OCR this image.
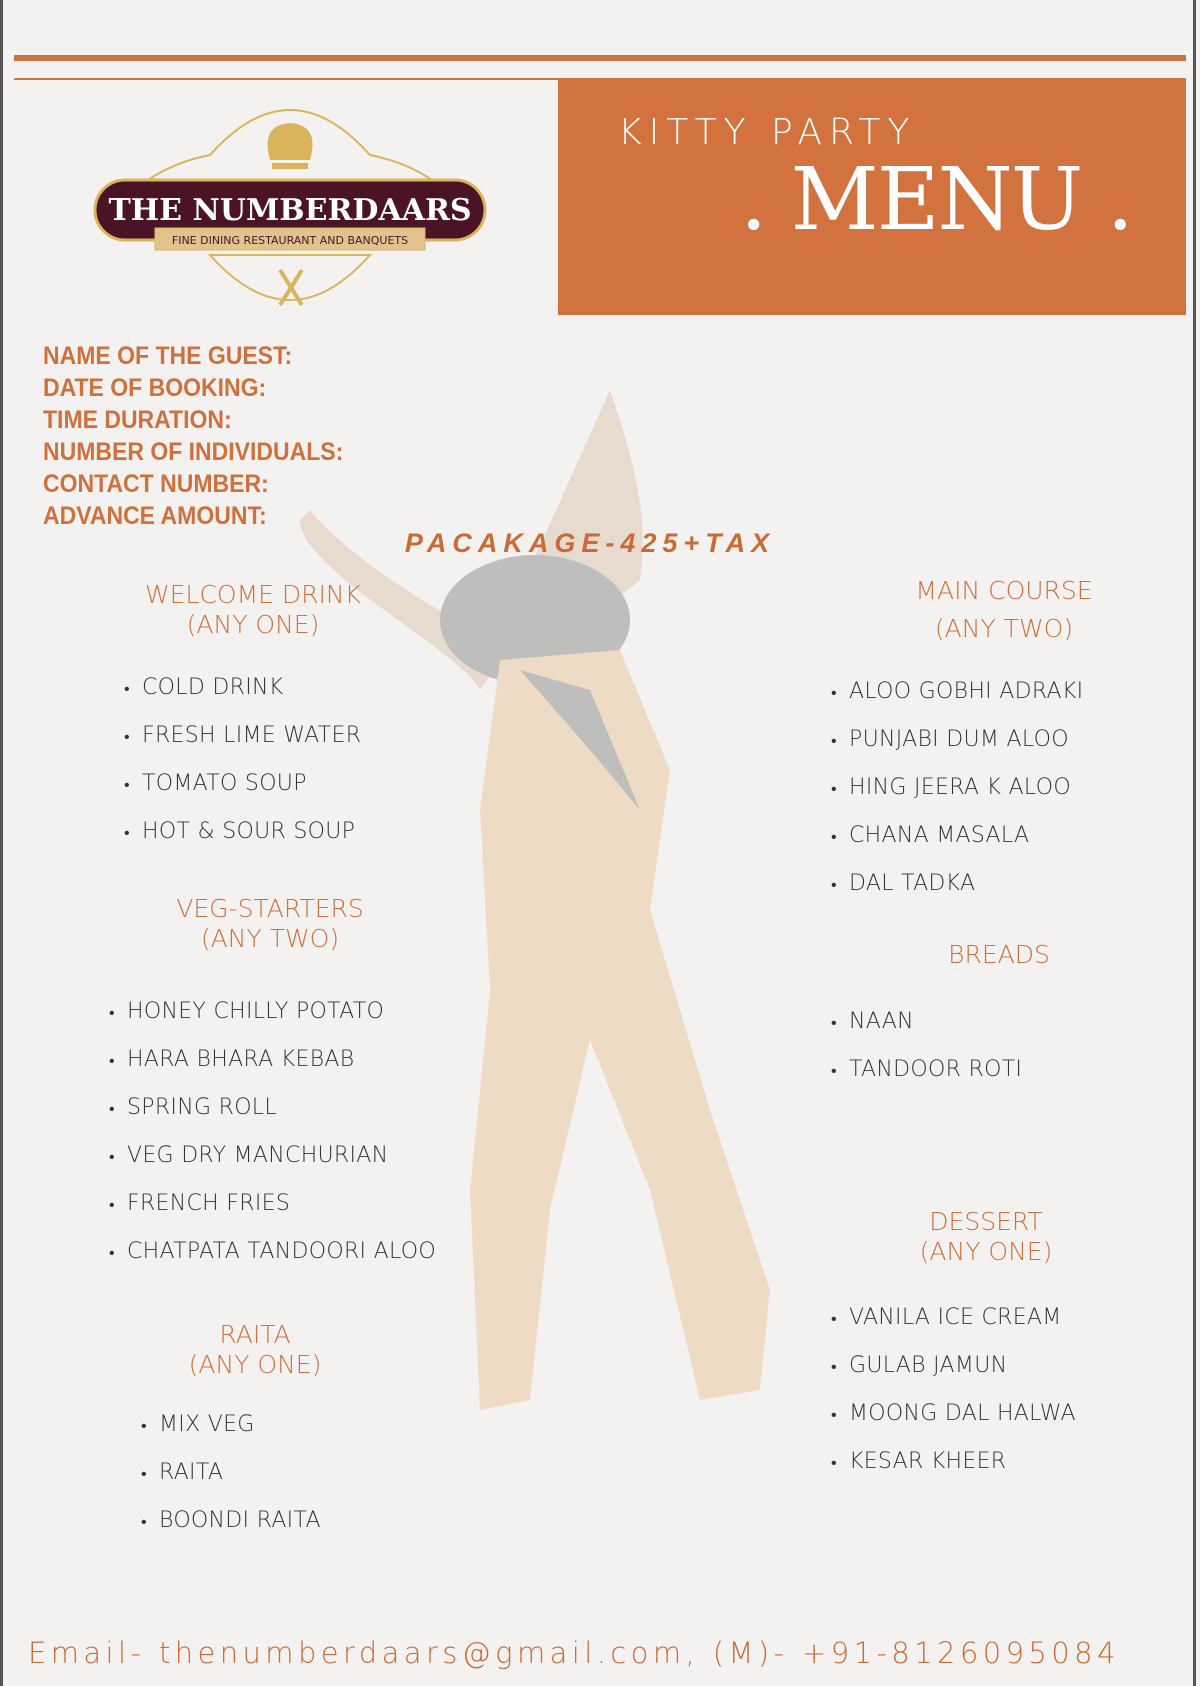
THE NUMBERDAARS
FINE DINING RESTAURANT AND BANQUETS
KITTY PARTY
. MENU .
NAME OF THE GUEST:
DATE OF BOOKING:
TIME DURATION:
NUMBER OF INDIVIDUALS:
CONTACT NUMBER:
ADVANCE AMOUNT:
PACAKAGE-425+TAX
WELCOME DRINK
(ANY ONE)
VEG-STARTERS
(ANY TWO)
RAITA
(ANY ONE)
MAIN COURSE
(ANY TWO)
BREADS
DESSERT
(ANY ONE)
• COLD DRINK
• FRESH LIME WATER
• TOMATO SOUP
• HOT & SOUR SOUP
• HONEY CHILLY POTATO
• HARA BHARA KEBAB
• SPRING ROLL
• VEG DRY MANCHURIAN
• FRENCH FRIES
• CHATPATA TANDOORI ALOO
• MIX VEG
• RAITA
• BOONDI RAITA
• ALOO GOBHI ADRAKI
• PUNJABI DUM ALOO
• HING JEERA K ALOO
• CHANA MASALA
• DAL TADKA
• NAAN
• TANDOOR ROTI
• VANILA ICE CREAM
• GULAB JAMUN
• MOONG DAL HALWA
• KESAR KHEER
Email- thenumberdaars@gmail.com, (M)- +91-8126095084
